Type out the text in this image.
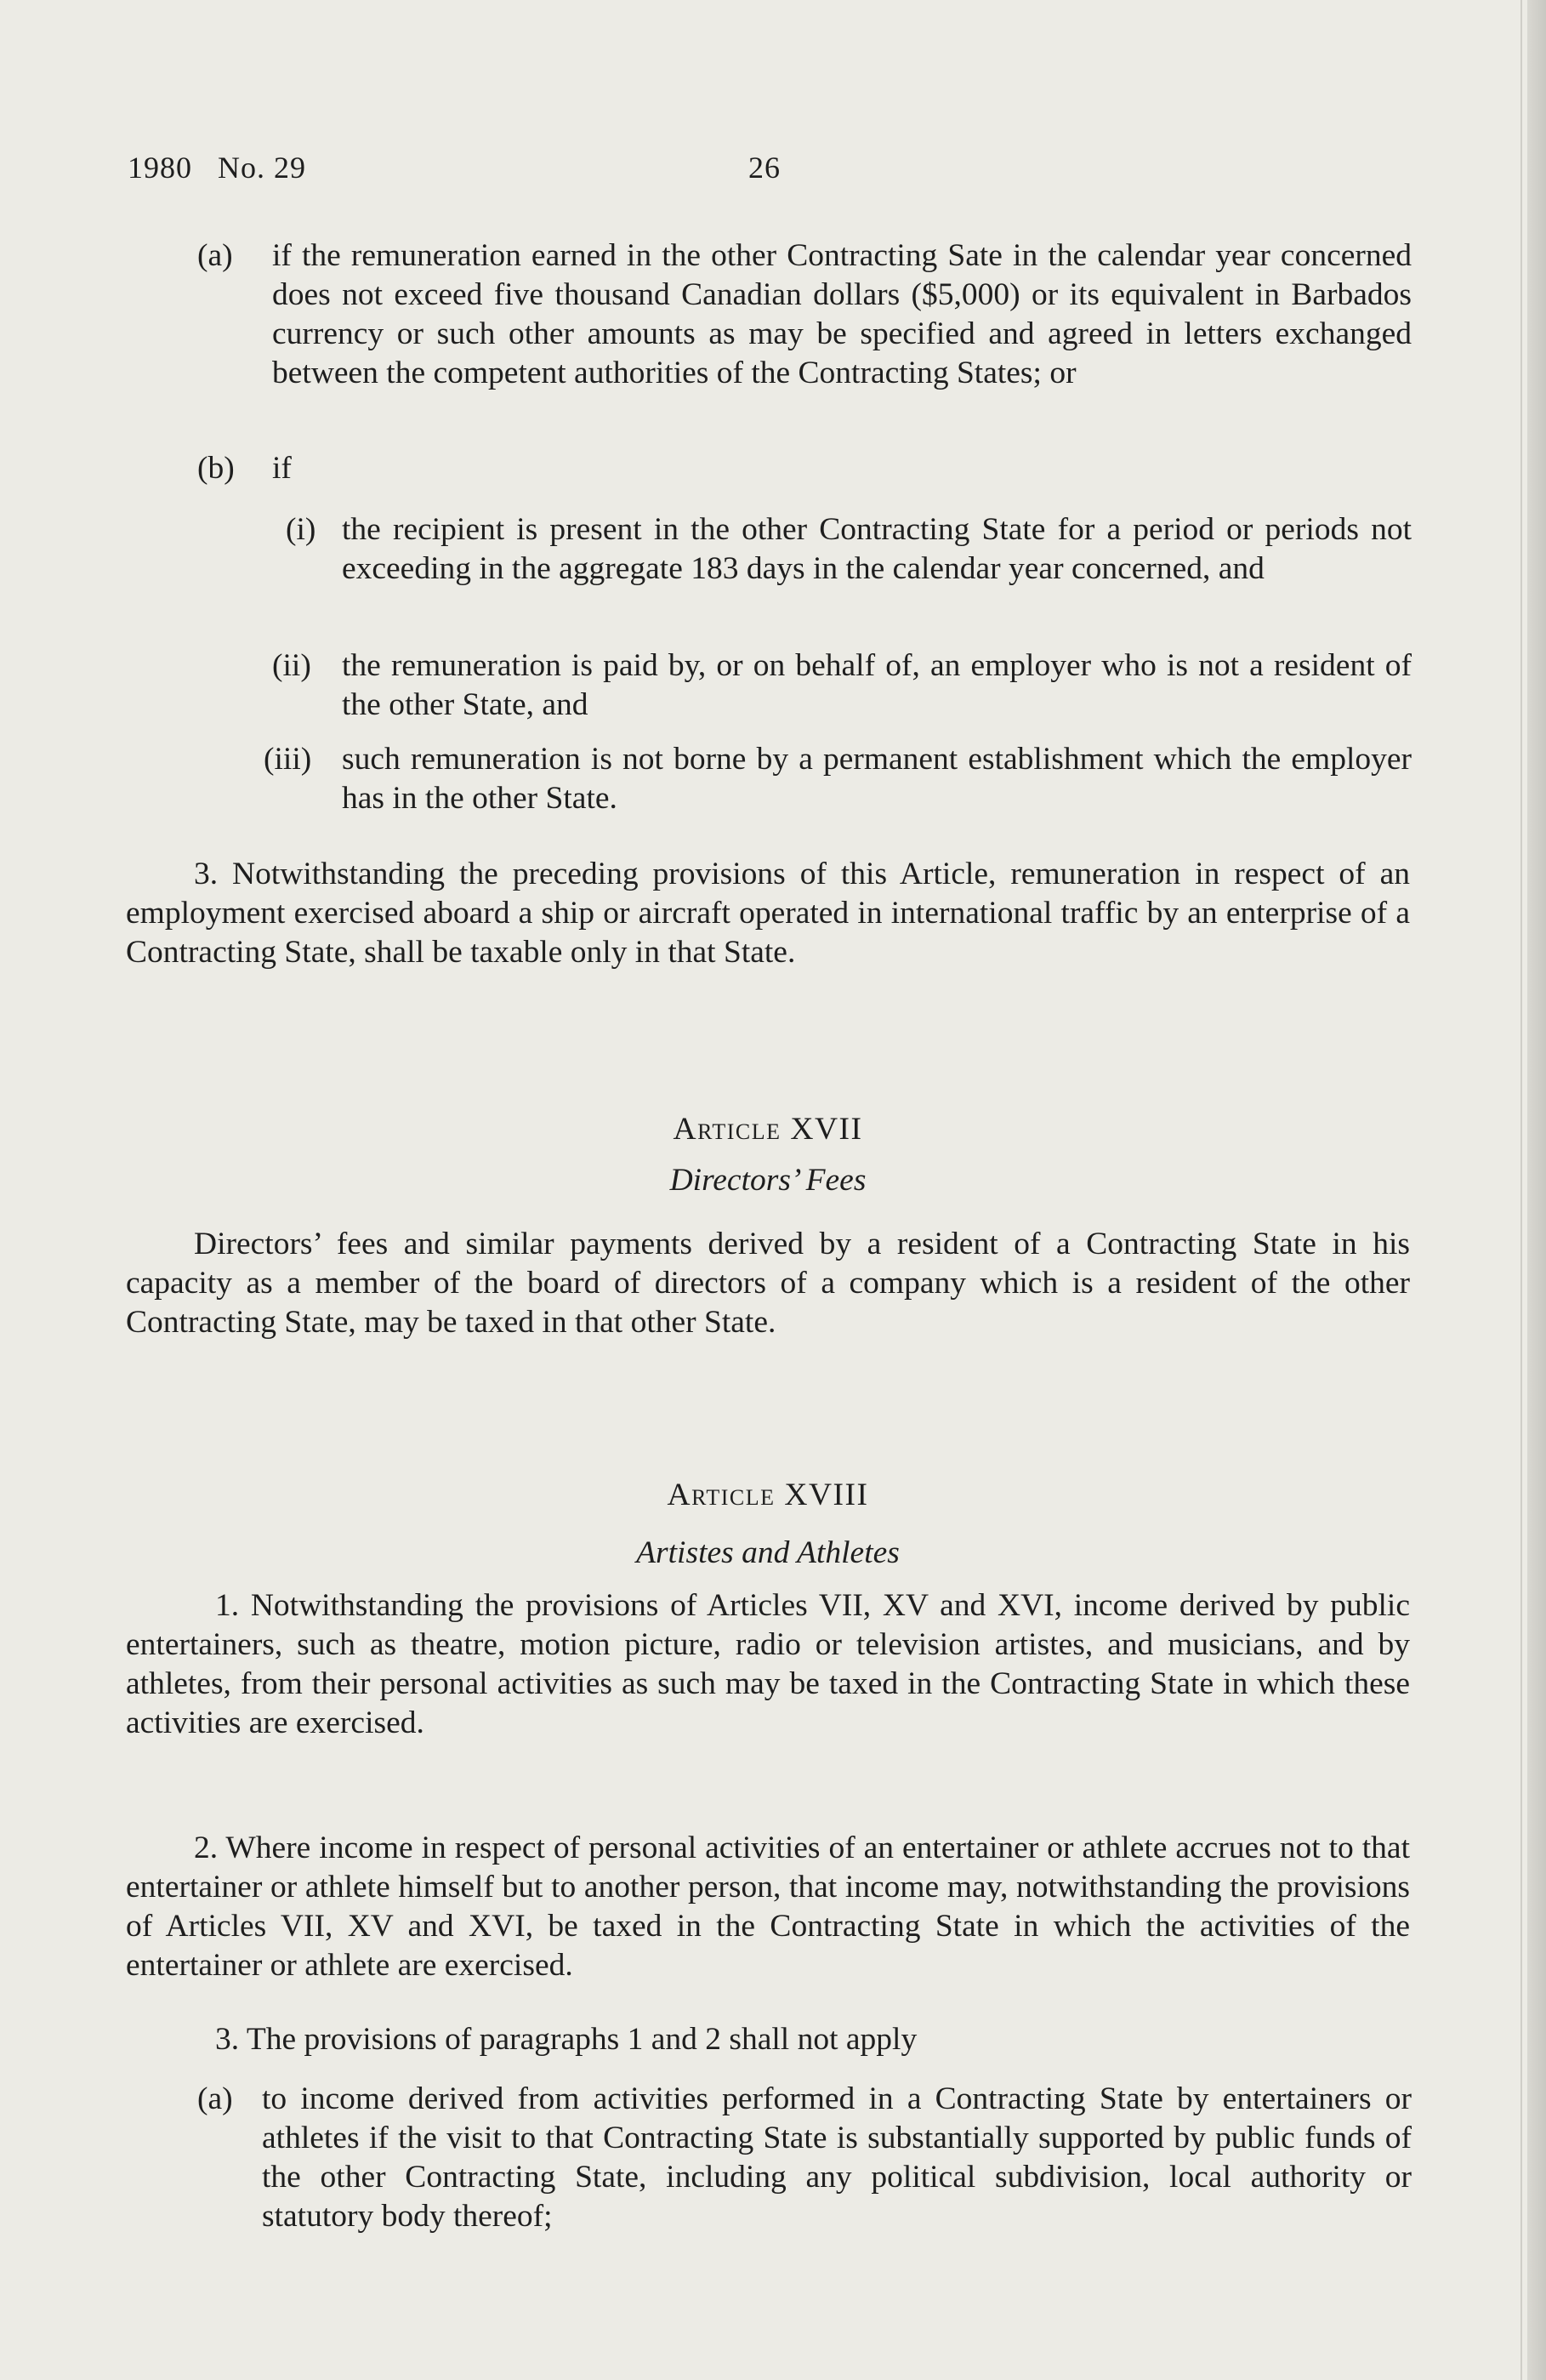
1980   No. 29	26
(a) if the remuneration earned in the other Contracting Sate in the calendar year concerned does not exceed five thousand Canadian dollars ($5,000) or its equivalent in Barbados currency or such other amounts as may be specified and agreed in letters exchanged between the competent authorities of the Contracting States; or
(b) if
(i) the recipient is present in the other Contracting State for a period or periods not exceeding in the aggregate 183 days in the calendar year concerned, and
(ii) the remuneration is paid by, or on behalf of, an employer who is not a resident of the other State, and
(iii) such remuneration is not borne by a permanent establishment which the employer has in the other State.
3. Notwithstanding the preceding provisions of this Article, remuneration in respect of an employment exercised aboard a ship or aircraft operated in international traffic by an enterprise of a Contracting State, shall be taxable only in that State.
Article XVII
Directors’ Fees
Directors’ fees and similar payments derived by a resident of a Contracting State in his capacity as a member of the board of directors of a company which is a resident of the other Contracting State, may be taxed in that other State.
Article XVIII
Artistes and Athletes
1. Notwithstanding the provisions of Articles VII, XV and XVI, income derived by public entertainers, such as theatre, motion picture, radio or television artistes, and musicians, and by athletes, from their personal activities as such may be taxed in the Contracting State in which these activities are exercised.
2. Where income in respect of personal activities of an entertainer or athlete accrues not to that entertainer or athlete himself but to another person, that income may, notwithstanding the provisions of Articles VII, XV and XVI, be taxed in the Contracting State in which the activities of the entertainer or athlete are exercised.
3. The provisions of paragraphs 1 and 2 shall not apply
(a) to income derived from activities performed in a Contracting State by entertainers or athletes if the visit to that Contracting State is substantially supported by public funds of the other Contracting State, including any political subdivision, local authority or statutory body thereof;
